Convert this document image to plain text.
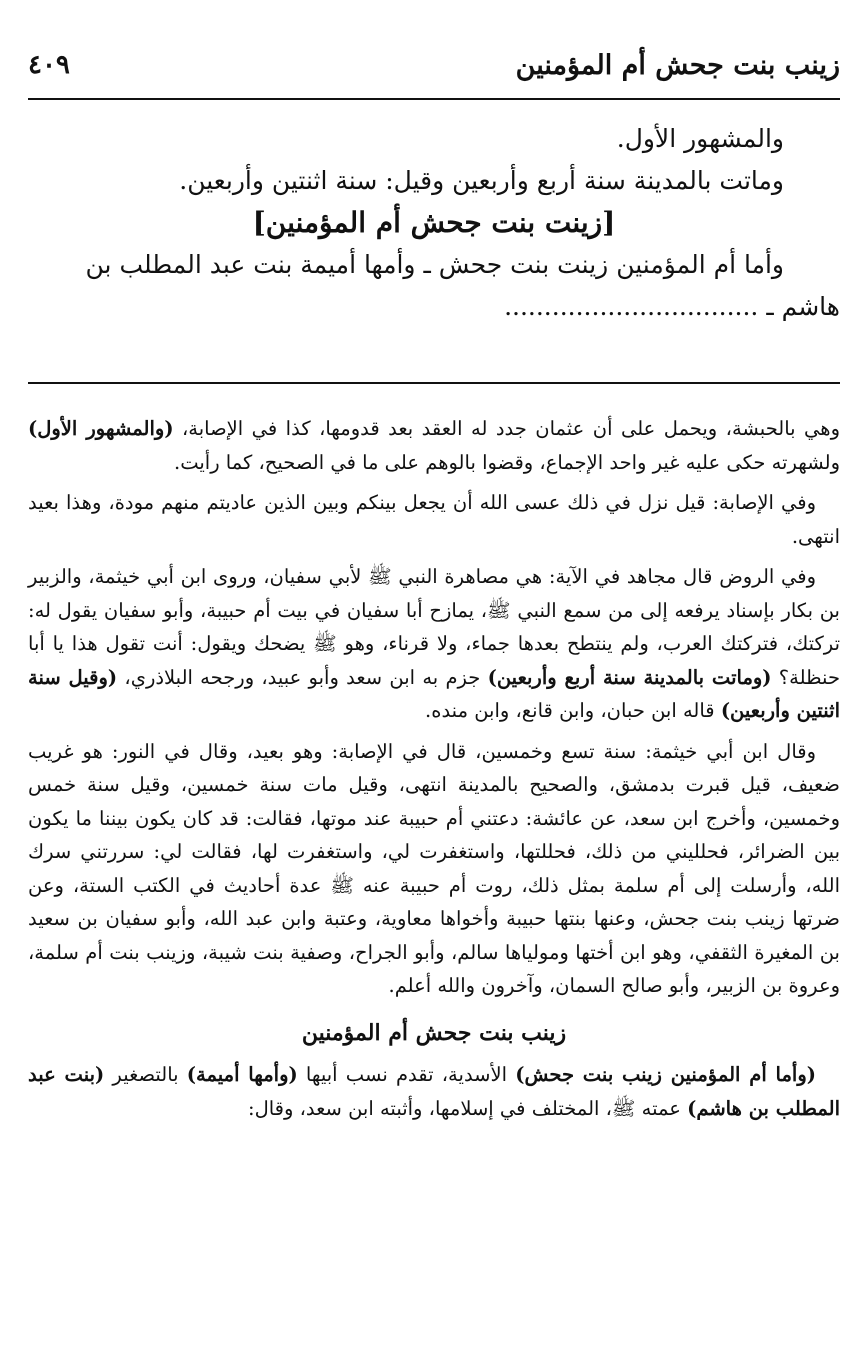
زينب بنت جحش أم المؤمنين
٤٠٩

والمشهور الأول.

وماتت بالمدينة سنة أربع وأربعين وقيل: سنة اثنتين وأربعين.

[زينت بنت جحش أم المؤمنين]

وأما أم المؤمنين زينت بنت جحش ـ وأمها أميمة بنت عبد المطلب بن

هاشم ـ ................................

وهي بالحبشة، ويحمل على أن عثمان جدد له العقد بعد قدومها، كذا في الإصابة، (والمشهور الأول) ولشهرته حكى عليه غير واحد الإجماع، وقضوا بالوهم على ما في الصحيح، كما رأيت.

وفي الإصابة: قيل نزل في ذلك عسى الله أن يجعل بينكم وبين الذين عاديتم منهم مودة، وهذا بعيد انتهى.

وفي الروض قال مجاهد في الآية: هي مصاهرة النبي ﷺ لأبي سفيان، وروى ابن أبي خيثمة، والزبير بن بكار بإسناد يرفعه إلى من سمع النبي ﷺ، يمازح أبا سفيان في بيت أم حبيبة، وأبو سفيان يقول له: تركتك، فتركتك العرب، ولم ينتطح بعدها جماء، ولا قرناء، وهو ﷺ يضحك ويقول: أنت تقول هذا يا أبا حنظلة؟ (وماتت بالمدينة سنة أربع وأربعين) جزم به ابن سعد وأبو عبيد، ورجحه البلاذري، (وقيل سنة اثنتين وأربعين) قاله ابن حبان، وابن قانع، وابن منده.

وقال ابن أبي خيثمة: سنة تسع وخمسين، قال في الإصابة: وهو بعيد، وقال في النور: هو غريب ضعيف، قيل قبرت بدمشق، والصحيح بالمدينة انتهى، وقيل مات سنة خمسين، وقيل سنة خمس وخمسين، وأخرج ابن سعد، عن عائشة: دعتني أم حبيبة عند موتها، فقالت: قد كان يكون بيننا ما يكون بين الضرائر، فحلليني من ذلك، فحللتها، واستغفرت لي، واستغفرت لها، فقالت لي: سررتني سرك الله، وأرسلت إلى أم سلمة بمثل ذلك، روت أم حبيبة عنه ﷺ عدة أحاديث في الكتب الستة، وعن ضرتها زينب بنت جحش، وعنها بنتها حبيبة وأخواها معاوية، وعتبة وابن عبد الله، وأبو سفيان بن سعيد بن المغيرة الثقفي، وهو ابن أختها ومولياها سالم، وأبو الجراح، وصفية بنت شيبة، وزينب بنت أم سلمة، وعروة بن الزبير، وأبو صالح السمان، وآخرون والله أعلم.

زينب بنت جحش أم المؤمنين

(وأما أم المؤمنين زينب بنت جحش) الأسدية، تقدم نسب أبيها (وأمها أميمة) بالتصغير (بنت عبد المطلب بن هاشم) عمته ﷺ، المختلف في إسلامها، وأثبته ابن سعد، وقال:
